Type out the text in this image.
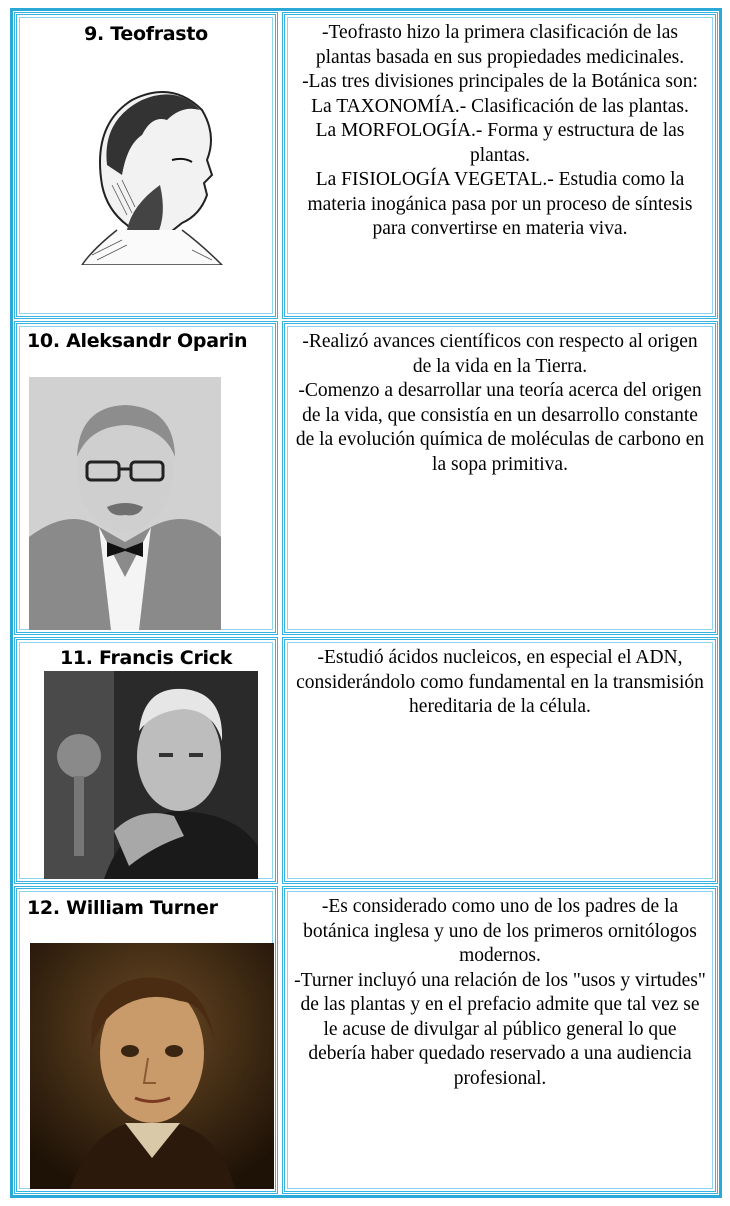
9. Teofrasto	-Teofrasto hizo la primera clasificación de las plantas basada en sus propiedades medicinales.

-Las tres divisiones principales de la Botánica son:

La TAXONOMÍA.- Clasificación de las plantas.

La MORFOLOGÍA.- Forma y estructura de las plantas.

La FISIOLOGÍA VEGETAL.- Estudia como la materia inogánica pasa por un proceso de síntesis para convertirse en materia viva.

10. Aleksandr Oparin	-Realizó avances científicos con respecto al origen de la vida en la Tierra.

-Comenzo a desarrollar una teoría acerca del origen de la vida, que consistía en un desarrollo constante de la evolución química de moléculas de carbono en la sopa primitiva.

11. Francis Crick	-Estudió ácidos nucleicos, en especial el ADN, considerándolo como fundamental en la transmisión hereditaria de la célula.

12. William Turner	-Es considerado como uno de los padres de la botánica inglesa y uno de los primeros ornitólogos modernos.

-Turner incluyó una relación de los "usos y virtudes" de las plantas y en el prefacio admite que tal vez se le acuse de divulgar al público general lo que debería haber quedado reservado a una audiencia profesional.
